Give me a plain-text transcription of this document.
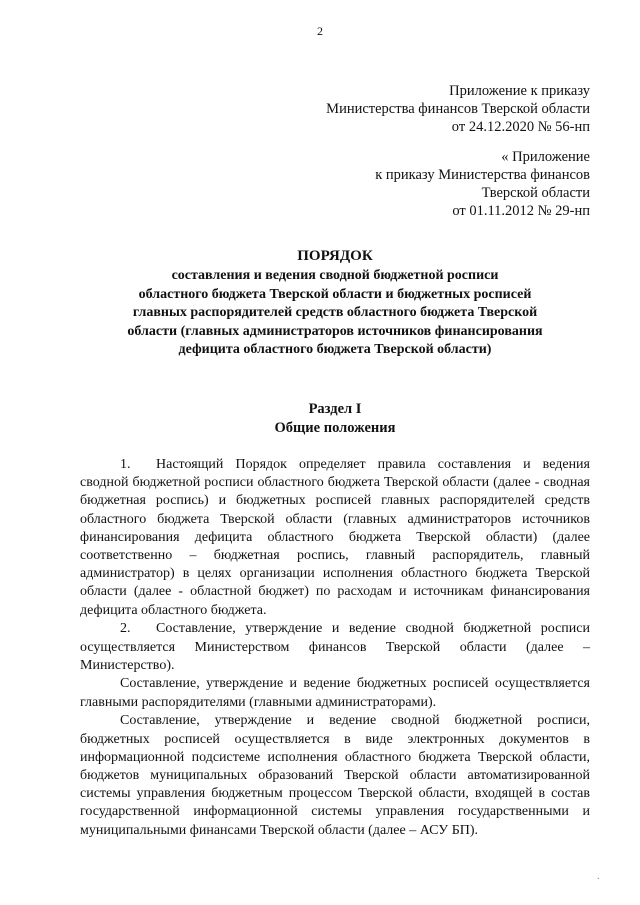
2
Приложение к приказу
Министерства финансов Тверской области
от 24.12.2020 № 56-нп
« Приложение
к приказу Министерства финансов
Тверской области
от 01.11.2012 № 29-нп
ПОРЯДОК
составления и ведения сводной бюджетной росписи
областного бюджета Тверской области и бюджетных росписей
главных распорядителей средств областного бюджета Тверской
области (главных администраторов источников финансирования
дефицита областного бюджета Тверской области)
Раздел I
Общие положения

1. Настоящий Порядок определяет правила составления и ведения сводной бюджетной росписи областного бюджета Тверской области (далее - сводная бюджетная роспись) и бюджетных росписей главных распорядителей средств областного бюджета Тверской области (главных администраторов источников финансирования дефицита областного бюджета Тверской области) (далее соответственно – бюджетная роспись, главный распорядитель, главный администратор) в целях организации исполнения областного бюджета Тверской области (далее - областной бюджет) по расходам и источникам финансирования дефицита областного бюджета.

2. Составление, утверждение и ведение сводной бюджетной росписи осуществляется Министерством финансов Тверской области (далее – Министерство).

Составление, утверждение и ведение бюджетных росписей осуществляется главными распорядителями (главными администраторами).

Составление, утверждение и ведение сводной бюджетной росписи, бюджетных росписей осуществляется в виде электронных документов в информационной подсистеме исполнения областного бюджета Тверской области, бюджетов муниципальных образований Тверской области автоматизированной системы управления бюджетным процессом Тверской области, входящей в состав государственной информационной системы управления государственными и муниципальными финансами Тверской области (далее – АСУ БП).

·
